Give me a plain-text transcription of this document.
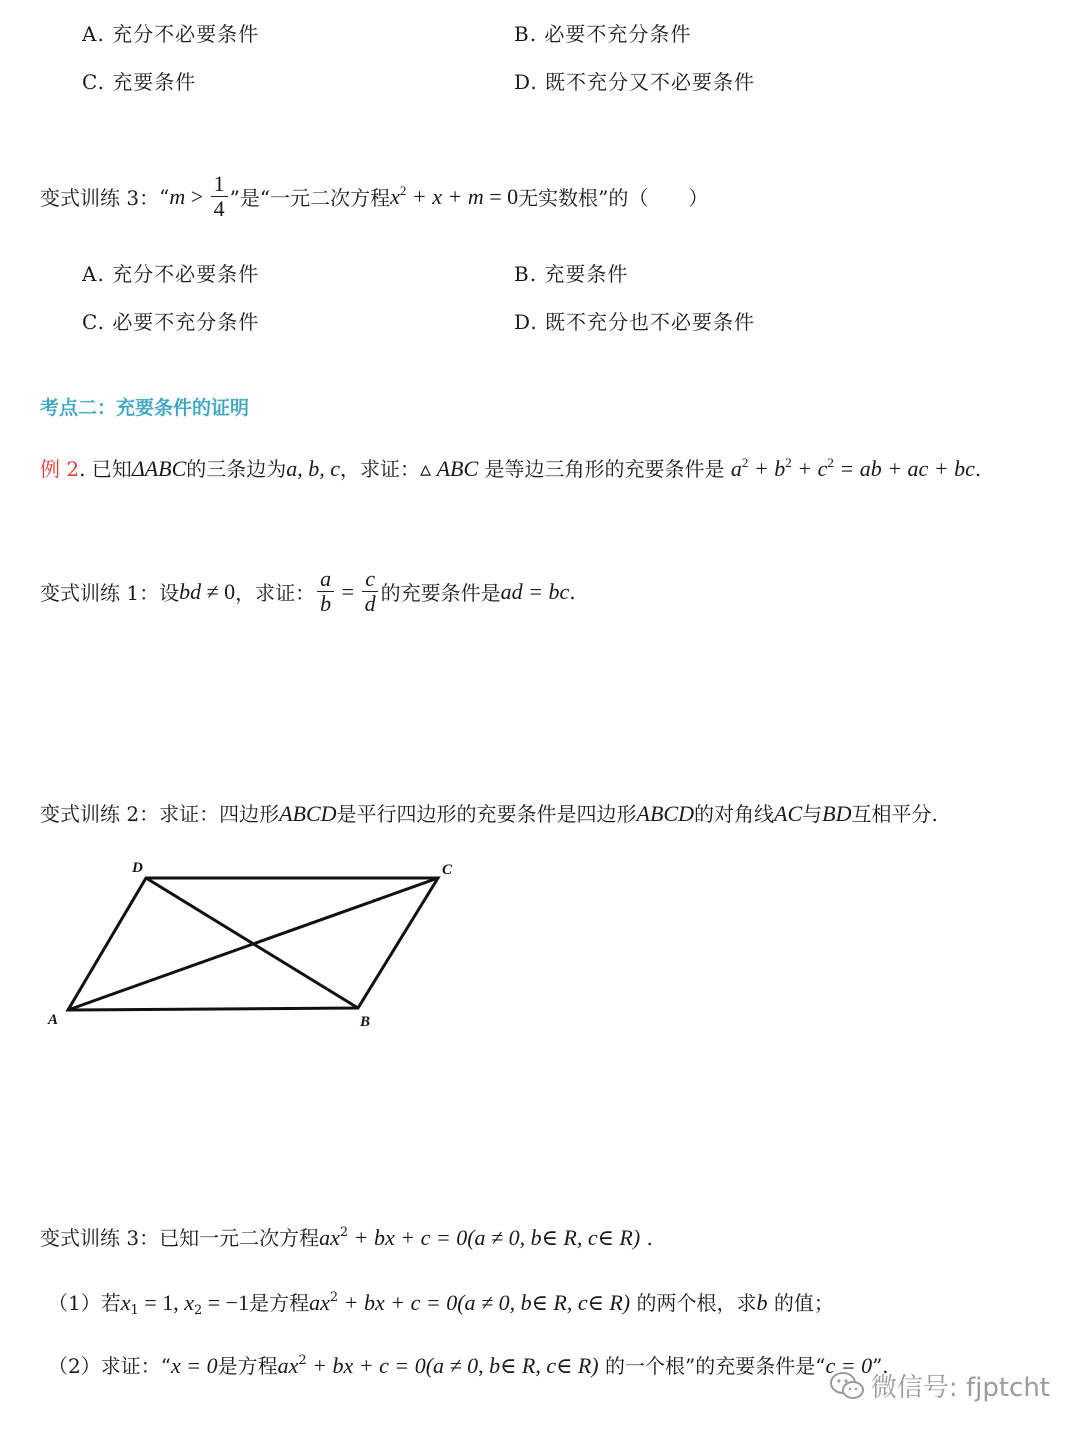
A. 充分不必要条件	B. 必要不充分条件
C. 充要条件	D. 既不充分又不必要条件
变式训练 3： “ $m > \frac{1}{4}$ ”是“一元二次方程 $x^2 + x + m = 0$ 无实数根”的（　　）
A. 充分不必要条件	B. 充要条件
C. 必要不充分条件	D. 既不充分也不必要条件
考点二：充要条件的证明
例 2. 已知ΔABC的三条边为a, b, c，求证：▵ ABC 是等边三角形的充要条件是 $a^2 + b^2 + c^2$ = ab + ac + bc.
变式训练 1：设 bd ≠ 0 ，求证： $\frac{a}{b} = \frac{c}{d}$ 的充要条件是 ad = bc .
变式训练 2：求证：四边形ABCD是平行四边形的充要条件是四边形ABCD的对角线AC与BD互相平分.
A	B
C
D
变式训练 3：已知一元二次方程$ax^2$ + bx + c = 0(a ≠ 0, b∈ R, c∈ R) .
（1）若$x_1 = 1$, $x_2 = -1$是方程$ax^2$ + bx + c = 0(a ≠ 0, b∈ R, c∈ R) 的两个根，求b 的值；
（2）求证：“x = 0是方程$ax^2$ + bx + c = 0(a ≠ 0, b∈ R, c∈ R) 的一个根”的充要条件是“c = 0”.
微信号: fjptcht
